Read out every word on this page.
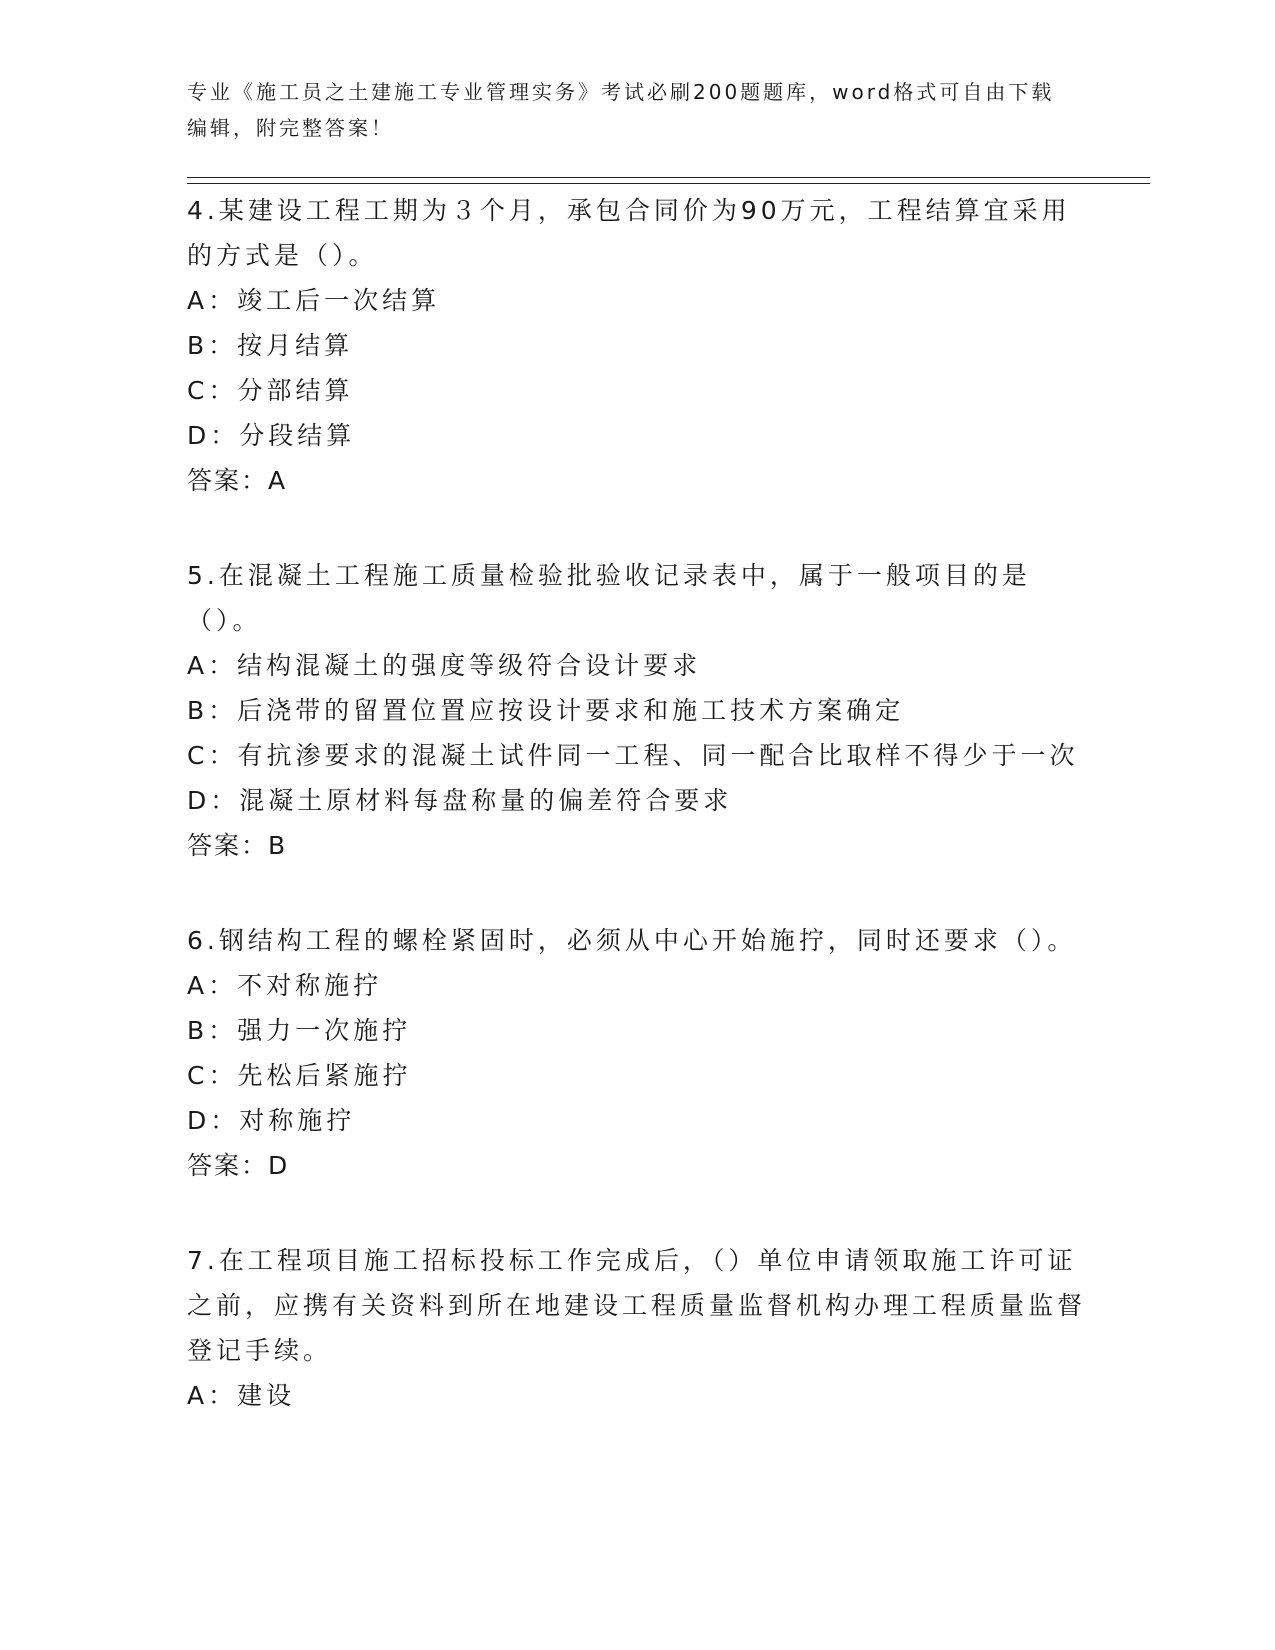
专业《施工员之土建施工专业管理实务》考试必刷200题题库，word格式可自由下载编辑，附完整答案！

4.某建设工程工期为３个月，承包合同价为90万元，工程结算宜采用的方式是（）。

A：竣工后一次结算

B：按月结算

C：分部结算

D：分段结算

答案：A

5.在混凝土工程施工质量检验批验收记录表中，属于一般项目的是（）。

A：结构混凝土的强度等级符合设计要求

B：后浇带的留置位置应按设计要求和施工技术方案确定

C：有抗渗要求的混凝土试件同一工程、同一配合比取样不得少于一次

D：混凝土原材料每盘称量的偏差符合要求

答案：B

6.钢结构工程的螺栓紧固时，必须从中心开始施拧，同时还要求（）。

A：不对称施拧

B：强力一次施拧

C：先松后紧施拧

D：对称施拧

答案：D

7.在工程项目施工招标投标工作完成后，（）单位申请领取施工许可证之前，应携有关资料到所在地建设工程质量监督机构办理工程质量监督登记手续。

A：建设
